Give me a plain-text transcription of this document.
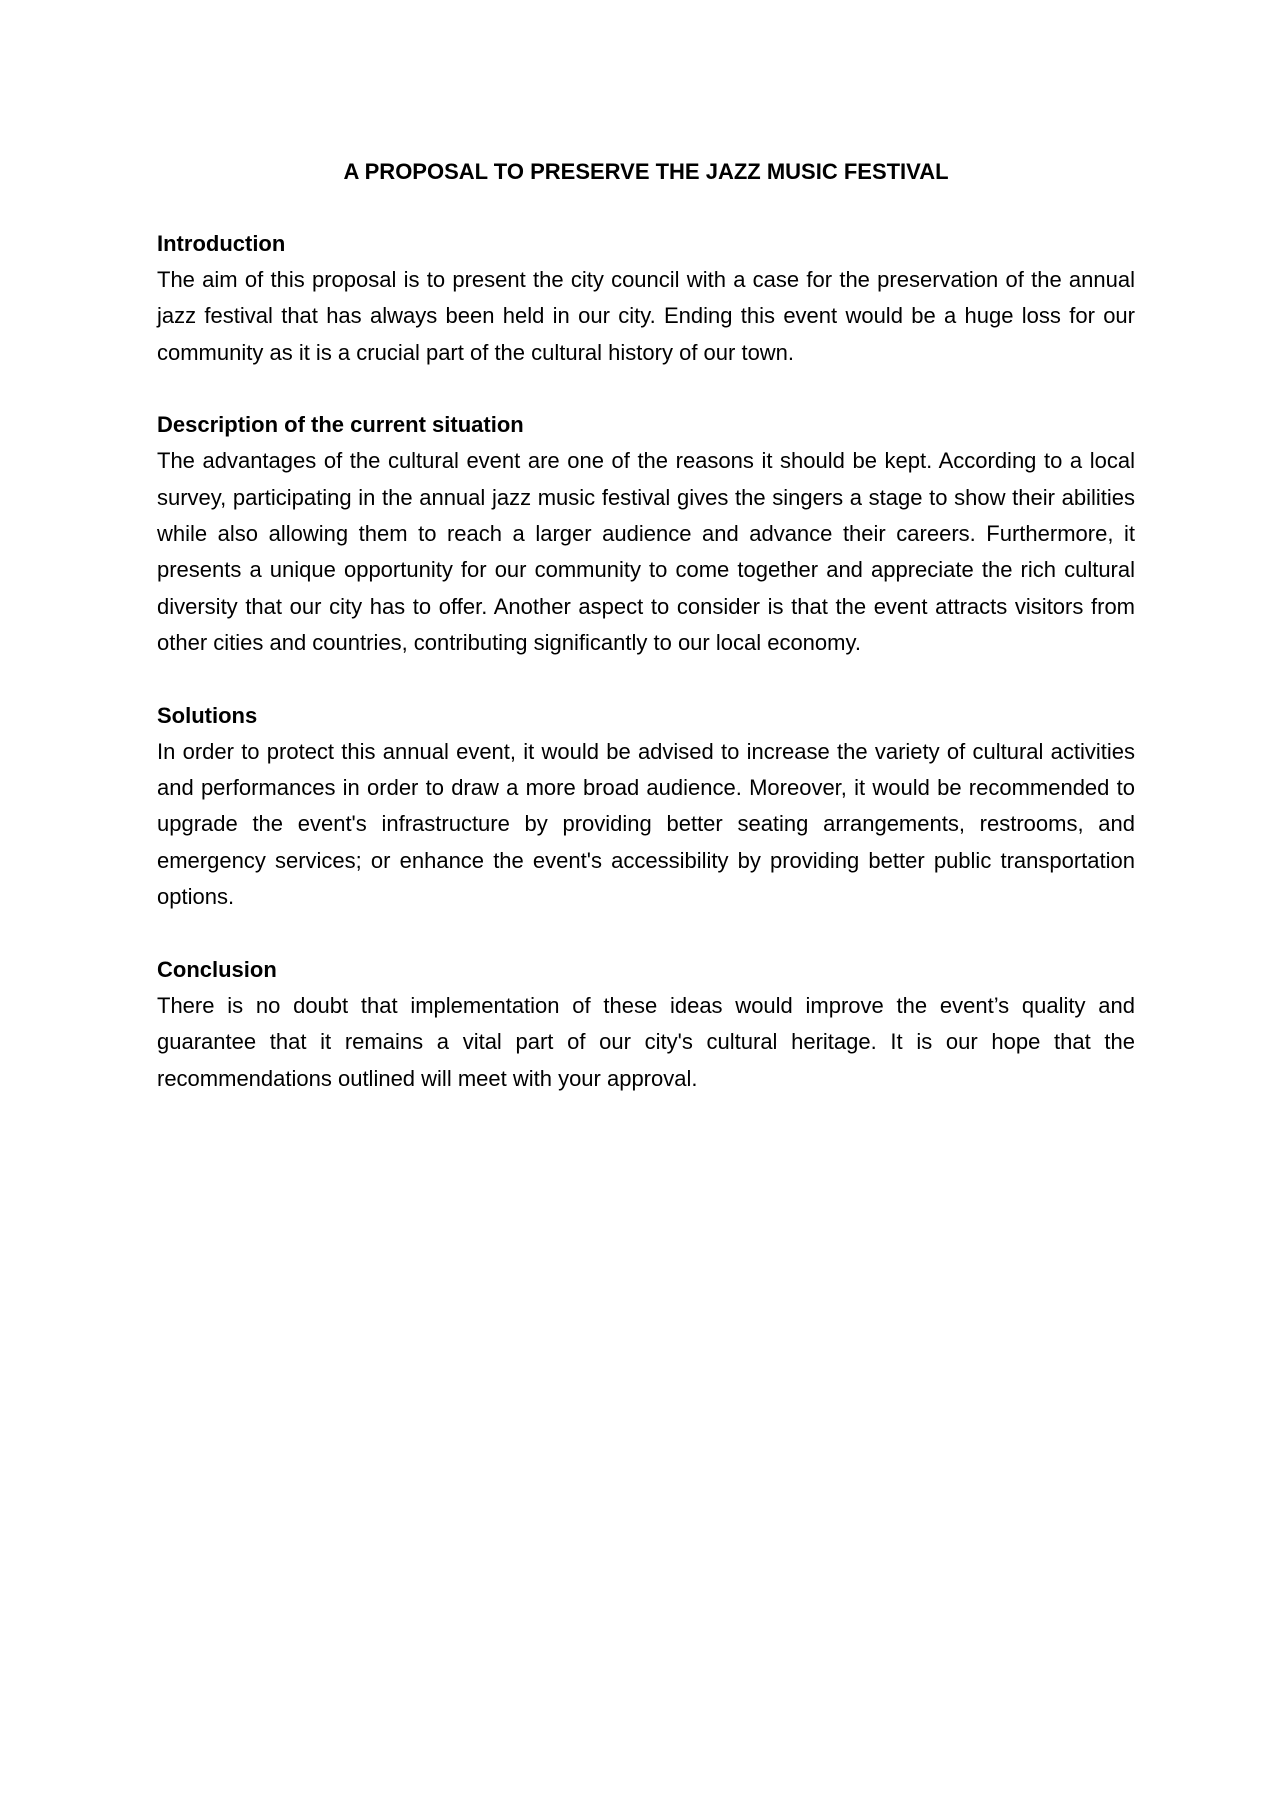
A PROPOSAL TO PRESERVE THE JAZZ MUSIC FESTIVAL
Introduction

The aim of this proposal is to present the city council with a case for the preservation of the annual jazz festival that has always been held in our city. Ending this event would be a huge loss for our community as it is a crucial part of the cultural history of our town.

Description of the current situation

The advantages of the cultural event are one of the reasons it should be kept. According to a local survey, participating in the annual jazz music festival gives the singers a stage to show their abilities while also allowing them to reach a larger audience and advance their careers. Furthermore, it presents a unique opportunity for our community to come together and appreciate the rich cultural diversity that our city has to offer. Another aspect to consider is that the event attracts visitors from other cities and countries, contributing significantly to our local economy.

Solutions

In order to protect this annual event, it would be advised to increase the variety of cultural activities and performances in order to draw a more broad audience. Moreover, it would be recommended to upgrade the event's infrastructure by providing better seating arrangements, restrooms, and emergency services; or enhance the event's accessibility by providing better public transportation options.

Conclusion

There is no doubt that implementation of these ideas would improve the event’s quality and guarantee that it remains a vital part of our city's cultural heritage. It is our hope that the recommendations outlined will meet with your approval.
